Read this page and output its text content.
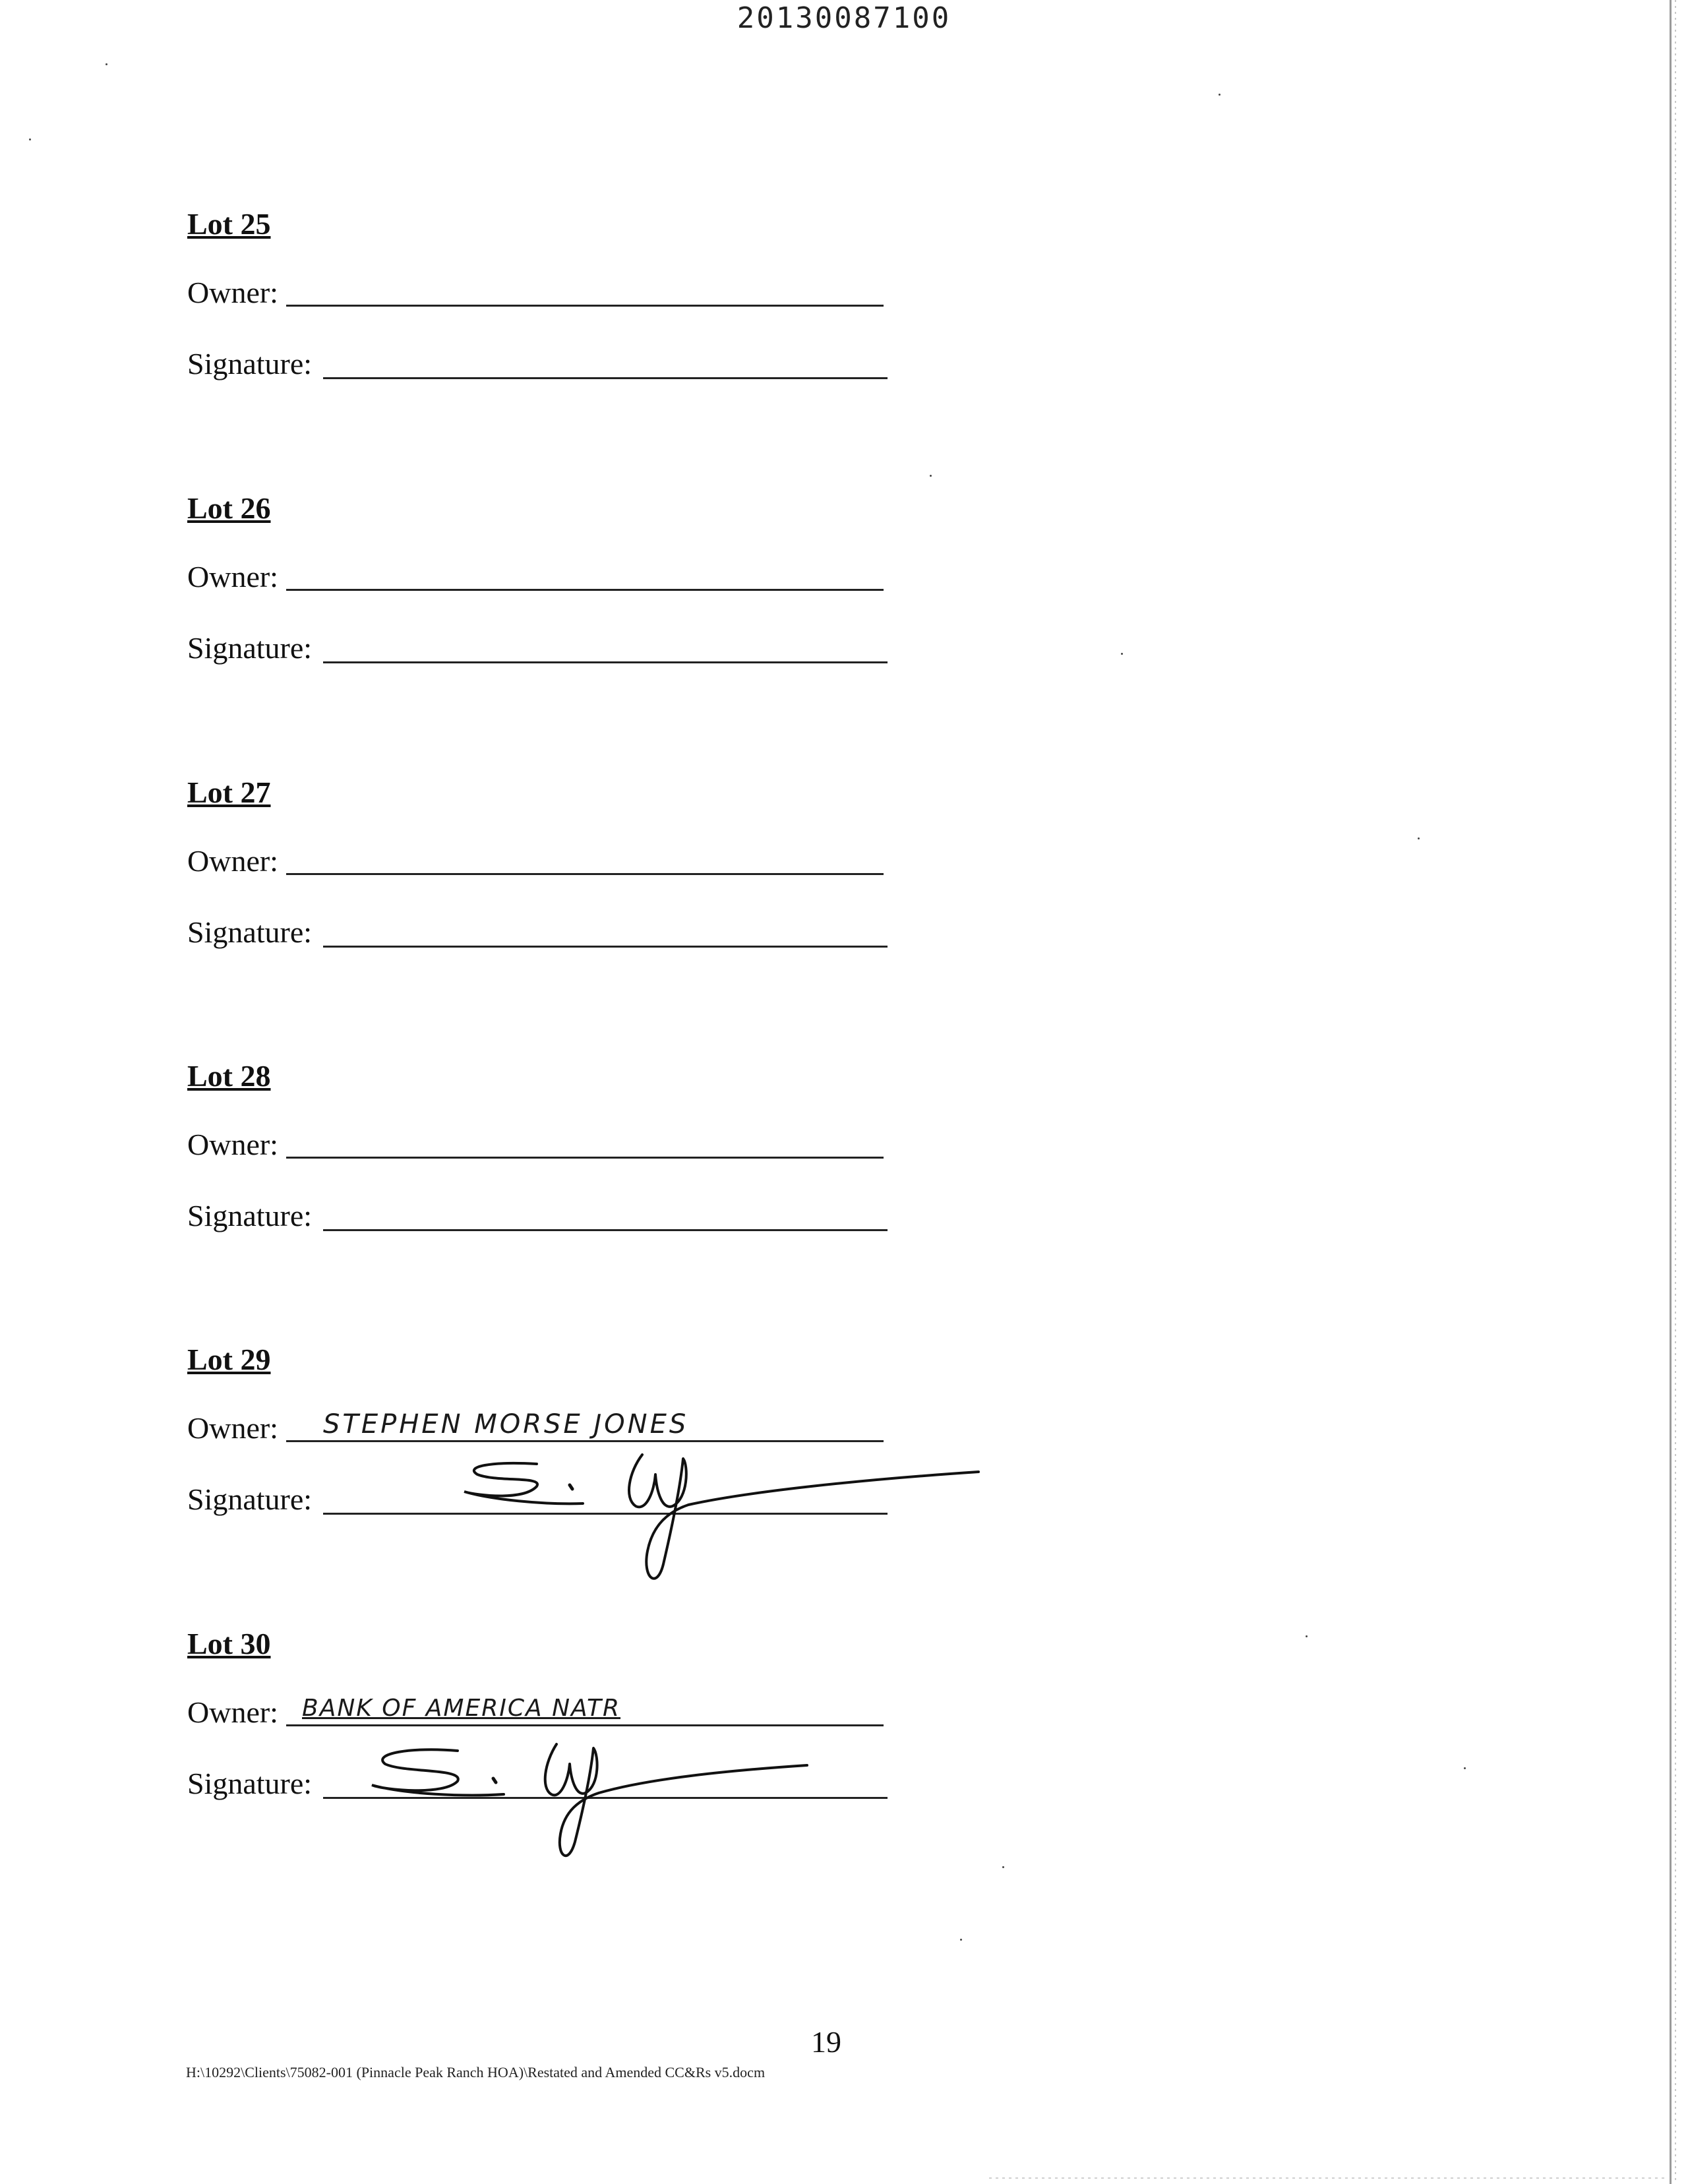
20130087100
Lot 25
Owner:
Signature:
Lot 26
Owner:
Signature:
Lot 27
Owner:
Signature:
Lot 28
Owner:
Signature:
Lot 29
Owner: STEPHEN MORSE JONES
Signature:
Lot 30
Owner: BANK OF AMERICA NATR
Signature:
19
H:\10292\Clients\75082-001 (Pinnacle Peak Ranch HOA)\Restated and Amended CC&Rs v5.docm
